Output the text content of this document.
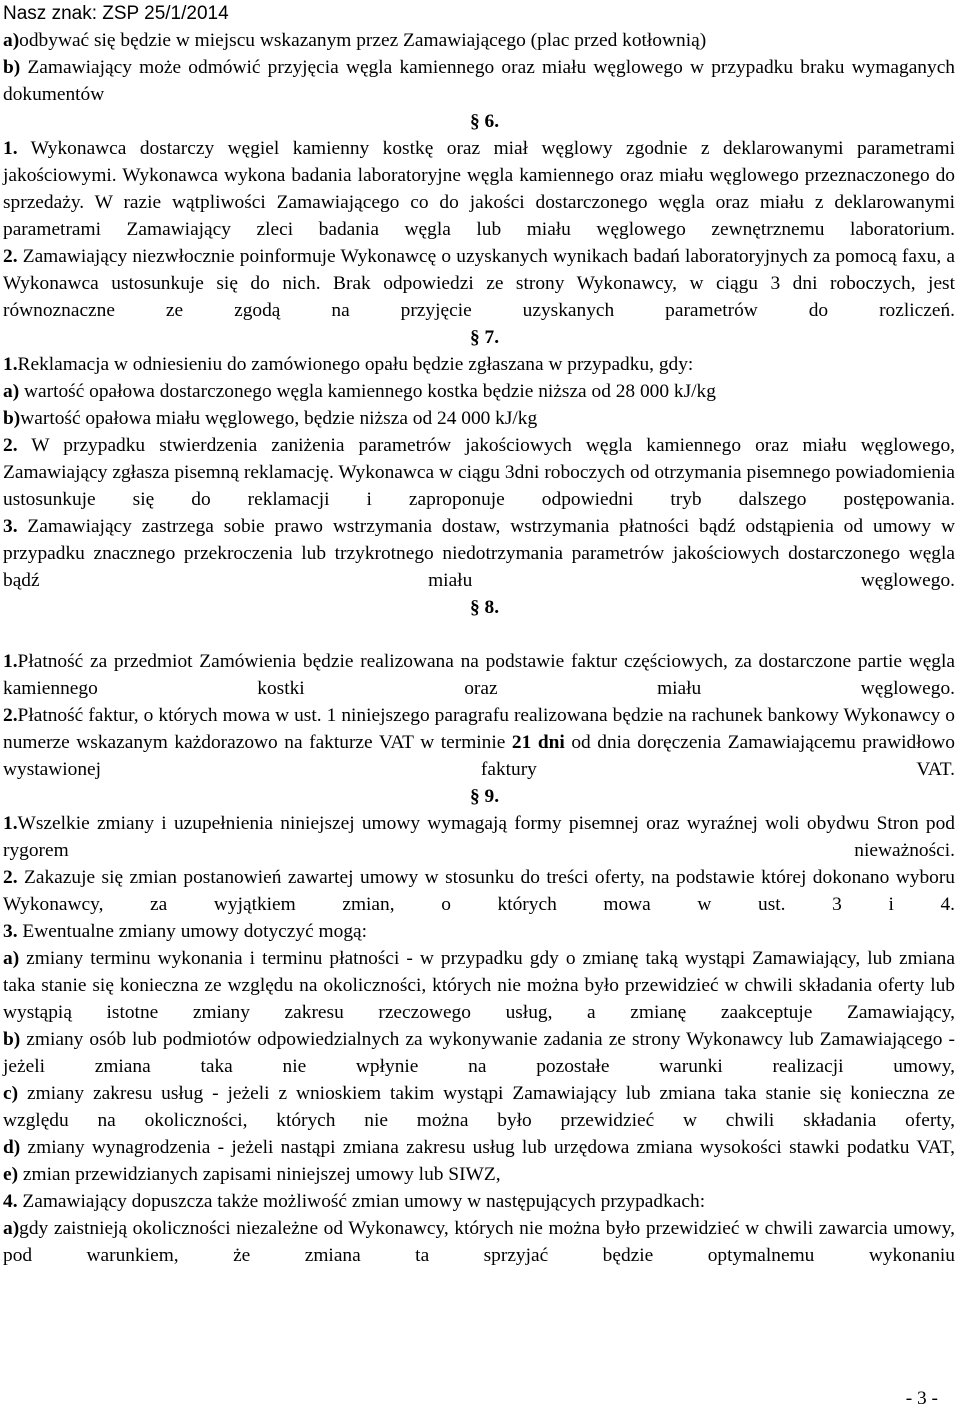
Nasz znak: ZSP 25/1/2014

a)odbywać się będzie w miejscu wskazanym przez Zamawiającego (plac przed kotłownią)

b) Zamawiający może odmówić przyjęcia węgla kamiennego oraz miału węglowego w przypadku braku wymaganych dokumentów

§ 6.

1. Wykonawca dostarczy węgiel kamienny kostkę oraz miał węglowy zgodnie z deklarowanymi parametrami jakościowymi. Wykonawca wykona badania laboratoryjne węgla kamiennego oraz miału węglowego przeznaczonego do sprzedaży. W razie wątpliwości Zamawiającego co do jakości dostarczonego węgla oraz miału z deklarowanymi parametrami Zamawiający zleci badania węgla lub miału węglowego zewnętrznemu laboratorium.

2. Zamawiający niezwłocznie poinformuje Wykonawcę o uzyskanych wynikach badań laboratoryjnych za pomocą faxu, a Wykonawca ustosunkuje się do nich. Brak odpowiedzi ze strony Wykonawcy, w ciągu 3 dni roboczych, jest równoznaczne ze zgodą na przyjęcie uzyskanych parametrów do rozliczeń.

§ 7.

1.Reklamacja w odniesieniu do zamówionego opału będzie zgłaszana w przypadku, gdy:

a) wartość opałowa dostarczonego węgla kamiennego kostka będzie niższa od 28 000 kJ/kg

b)wartość opałowa miału węglowego, będzie niższa od 24 000 kJ/kg

2. W przypadku stwierdzenia zaniżenia parametrów jakościowych węgla kamiennego oraz miału węglowego, Zamawiający zgłasza pisemną reklamację. Wykonawca w ciągu 3dni roboczych od otrzymania pisemnego powiadomienia ustosunkuje się do reklamacji i zaproponuje odpowiedni tryb dalszego postępowania.

3. Zamawiający zastrzega sobie prawo wstrzymania dostaw, wstrzymania płatności bądź odstąpienia od umowy w przypadku znacznego przekroczenia lub trzykrotnego niedotrzymania parametrów jakościowych dostarczonego węgla bądź miału węglowego.

§ 8.

1.Płatność za przedmiot Zamówienia będzie realizowana na podstawie faktur częściowych, za dostarczone partie węgla kamiennego kostki oraz miału węglowego.

2.Płatność faktur, o których mowa w ust. 1 niniejszego paragrafu realizowana będzie na rachunek bankowy Wykonawcy o numerze wskazanym każdorazowo na fakturze VAT w terminie 21 dni od dnia doręczenia Zamawiającemu prawidłowo wystawionej faktury VAT.

§ 9.

1.Wszelkie zmiany i uzupełnienia niniejszej umowy wymagają formy pisemnej oraz wyraźnej woli obydwu Stron pod rygorem nieważności.

2. Zakazuje się zmian postanowień zawartej umowy w stosunku do treści oferty, na podstawie której dokonano wyboru Wykonawcy, za wyjątkiem zmian, o których mowa w ust. 3 i 4.

3. Ewentualne zmiany umowy dotyczyć mogą:

a) zmiany terminu wykonania i terminu płatności - w przypadku gdy o zmianę taką wystąpi Zamawiający, lub zmiana taka stanie się konieczna ze względu na okoliczności, których nie można było przewidzieć w chwili składania oferty lub wystąpią istotne zmiany zakresu rzeczowego usług, a zmianę zaakceptuje Zamawiający,

b) zmiany osób lub podmiotów odpowiedzialnych za wykonywanie zadania ze strony Wykonawcy lub Zamawiającego - jeżeli zmiana taka nie wpłynie na pozostałe warunki realizacji umowy,

c) zmiany zakresu usług - jeżeli z wnioskiem takim wystąpi Zamawiający lub zmiana taka stanie się konieczna ze względu na okoliczności, których nie można było przewidzieć w chwili składania oferty,

d) zmiany wynagrodzenia - jeżeli nastąpi zmiana zakresu usług lub urzędowa zmiana wysokości stawki podatku VAT,

e) zmian przewidzianych zapisami niniejszej umowy lub SIWZ,

4. Zamawiający dopuszcza także możliwość zmian umowy w następujących przypadkach:

a)gdy zaistnieją okoliczności niezależne od Wykonawcy, których nie można było przewidzieć w chwili zawarcia umowy, pod warunkiem, że zmiana ta sprzyjać będzie optymalnemu wykonaniu

- 3 -
